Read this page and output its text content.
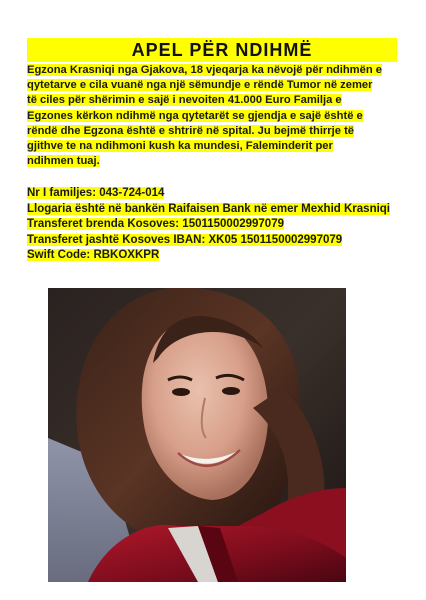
APEL PËR NDIHMË
Egzona Krasniqi nga Gjakova, 18 vjeqarja ka nëvojë për ndihmën e
qytetarve e cila vuanë nga një sëmundje e rëndë Tumor në zemer
të ciles për shërimin e sajë i nevoiten 41.000 Euro Familja e
Egzones kërkon ndihmë nga qytetarët se gjendja e sajë është e
rëndë dhe Egzona është e shtrirë në spital. Ju bejmë thirrje të
gjithve te na ndihmoni kush ka mundesi, Faleminderit per
ndihmen tuaj.
Nr I familjes: 043-724-014
Llogaria është në bankën Raifaisen Bank në emer Mexhid Krasniqi
Transferet brenda Kosoves: 1501150002997079
Transferet jashtë Kosoves IBAN: XK05 1501150002997079
Swift Code: RBKOXKPR
